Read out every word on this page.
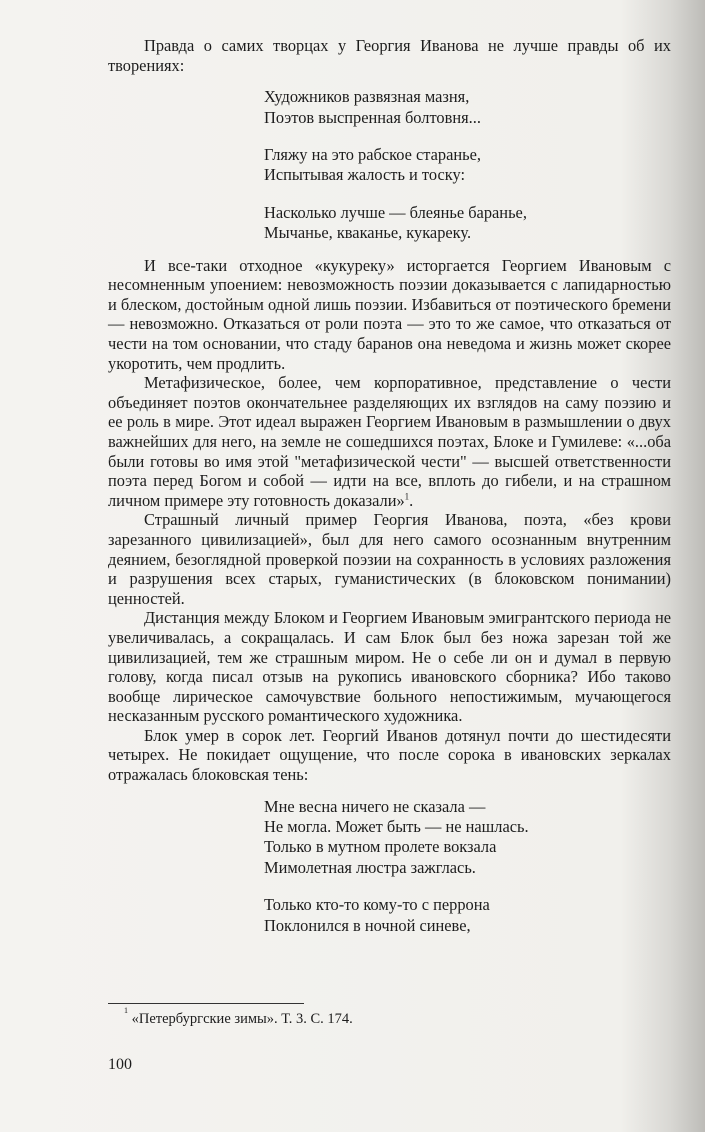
Правда о самих творцах у Георгия Иванова не лучше правды об их творениях:

Художников развязная мазня,
Поэтов выспренная болтовня...
Гляжу на это рабское старанье,
Испытывая жалость и тоску:
Насколько лучше — блеянье баранье,
Мычанье, кваканье, кукареку.

И все-таки отходное «кукуреку» исторгается Георгием Ивановым с несомненным упоением: невозможность поэзии доказывается с лапидарностью и блеском, достойным одной лишь поэзии. Избавиться от поэтического бремени — невозможно. Отказаться от роли поэта — это то же самое, что отказаться от чести на том основании, что стаду баранов она неведома и жизнь может скорее укоротить, чем продлить.

Метафизическое, более, чем корпоративное, представление о чести объединяет поэтов окончательнее разделяющих их взглядов на саму поэзию и ее роль в мире. Этот идеал выражен Георгием Ивановым в размышлении о двух важнейших для него, на земле не сошедшихся поэтах, Блоке и Гумилеве: «...оба были готовы во имя этой "метафизической чести" — высшей ответственности поэта перед Богом и собой — идти на все, вплоть до гибели, и на страшном личном примере эту готовность доказали»$^1$.

Страшный личный пример Георгия Иванова, поэта, «без крови зарезанного цивилизацией», был для него самого осознанным внутренним деянием, безоглядной проверкой поэзии на сохранность в условиях разложения и разрушения всех старых, гуманистических (в блоковском понимании) ценностей.

Дистанция между Блоком и Георгием Ивановым эмигрантского периода не увеличивалась, а сокращалась. И сам Блок был без ножа зарезан той же цивилизацией, тем же страшным миром. Не о себе ли он и думал в первую голову, когда писал отзыв на рукопись ивановского сборника? Ибо таково вообще лирическое самочувствие больного непостижимым, мучающегося несказанным русского романтического художника.

Блок умер в сорок лет. Георгий Иванов дотянул почти до шестидесяти четырех. Не покидает ощущение, что после сорока в ивановских зеркалах отражалась блоковская тень:

Мне весна ничего не сказала —
Не могла. Может быть — не нашлась.
Только в мутном пролете вокзала
Мимолетная люстра зажглась.
Только кто-то кому-то с перрона
Поклонился в ночной синеве,
$^1$ «Петербургские зимы». Т. 3. С. 174.
100
